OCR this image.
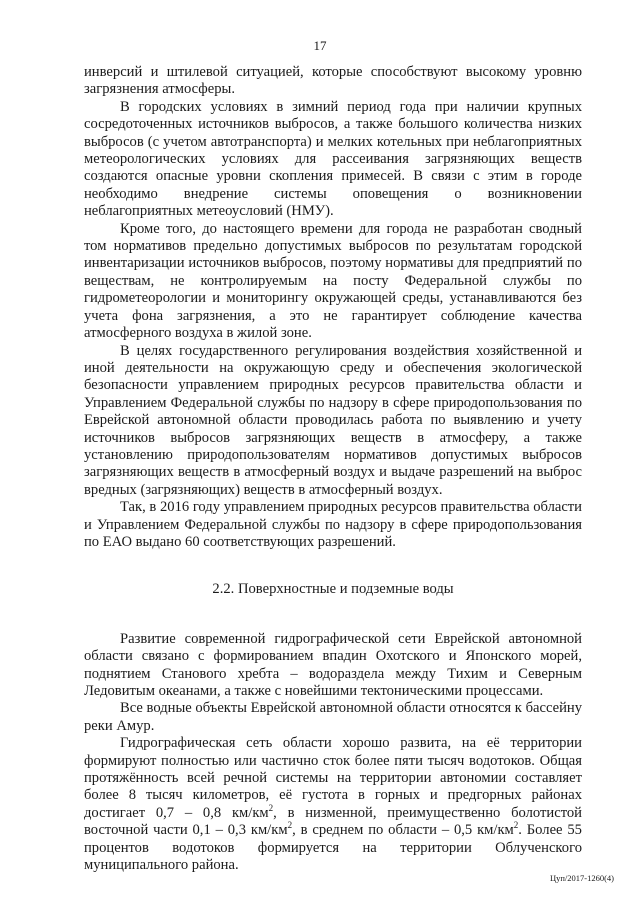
17

инверсий и штилевой ситуацией, которые способствуют высокому уровню загрязнения атмосферы.

В городских условиях в зимний период года при наличии крупных сосредоточенных источников выбросов, а также большого количества низких выбросов (с учетом автотранспорта) и мелких котельных при неблагоприятных метеорологических условиях для рассеивания загрязняющих веществ создаются опасные уровни скопления примесей. В связи с этим в городе необходимо внедрение системы оповещения о возникновении неблагоприятных метеоусловий (НМУ).

Кроме того, до настоящего времени для города не разработан сводный том нормативов предельно допустимых выбросов по результатам городской инвентаризации источников выбросов, поэтому нормативы для предприятий по веществам, не контролируемым на посту Федеральной службы по гидрометеорологии и мониторингу окружающей среды, устанавливаются без учета фона загрязнения, а это не гарантирует соблюдение качества атмосферного воздуха в жилой зоне.

В целях государственного регулирования воздействия хозяйственной и иной деятельности на окружающую среду и обеспечения экологической безопасности управлением природных ресурсов правительства области и Управлением Федеральной службы по надзору в сфере природопользования по Еврейской автономной области проводилась работа по выявлению и учету источников выбросов загрязняющих веществ в атмосферу, а также установлению природопользователям нормативов допустимых выбросов загрязняющих веществ в атмосферный воздух и выдаче разрешений на выброс вредных (загрязняющих) веществ в атмосферный воздух.

Так, в 2016 году управлением природных ресурсов правительства области и Управлением Федеральной службы по надзору в сфере природопользования по ЕАО выдано 60 соответствующих разрешений.

2.2. Поверхностные и подземные воды

Развитие современной гидрографической сети Еврейской автономной области связано с формированием впадин Охотского и Японского морей, поднятием Станового хребта – водораздела между Тихим и Северным Ледовитым океанами, а также с новейшими тектоническими процессами.

Все водные объекты Еврейской автономной области относятся к бассейну реки Амур.

Гидрографическая сеть области хорошо развита, на её территории формируют полностью или частично сток более пяти тысяч водотоков. Общая протяжённость всей речной системы на территории автономии составляет более 8 тысяч километров, её густота в горных и предгорных районах достигает 0,7 – 0,8 $км/км^2$, в низменной, преимущественно болотистой восточной части 0,1 – 0,3 $км/км^2$, в среднем по области – 0,5 $км/км^2$. Более 55 процентов водотоков формируется на территории Облученского муниципального района.

Цуп/2017-1260(4)
